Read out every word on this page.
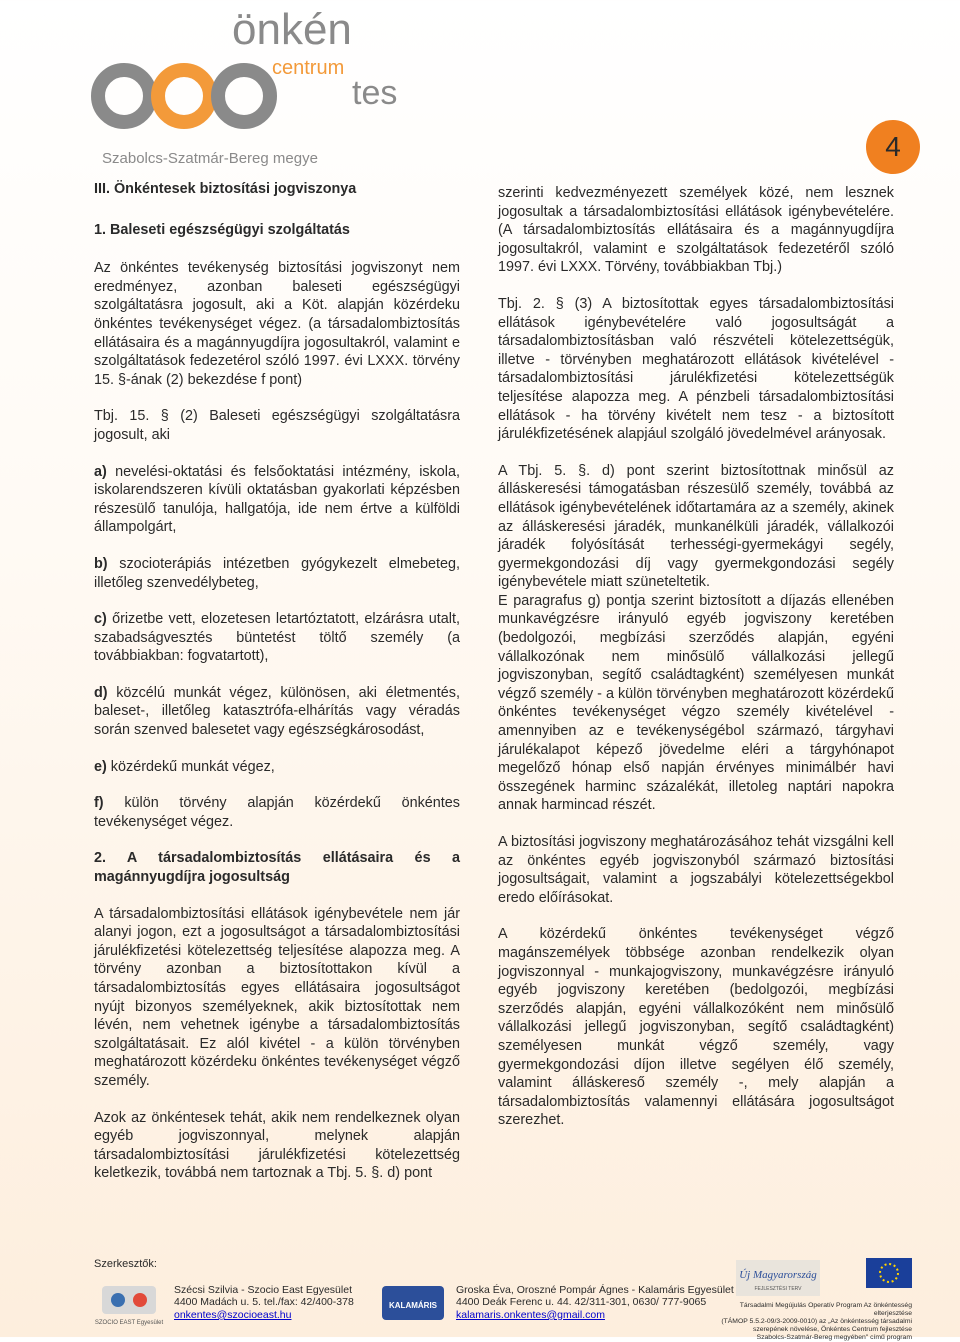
önkén
centrum
tes
Szabolcs-Szatmár-Bereg megye	4

III. Önkéntesek biztosítási jogviszonya

1. Baleseti egészségügyi szolgáltatás

Az önkéntes tevékenység biztosítási jogviszonyt nem eredményez, azonban baleseti egészségügyi szolgáltatásra jogosult, aki a Köt. alapján közérdeku önkéntes tevékenységet végez. (a társadalombiztosítás ellátásaira és a magánnyugdíjra jogosultakról, valamint e szolgáltatások fedezetérol szóló 1997. évi LXXX. törvény 15. §-ának (2) bekezdése f pont)

Tbj. 15. § (2) Baleseti egészségügyi szolgáltatásra jogosult, aki

a) nevelési-oktatási és felsőoktatási intézmény, iskola, iskolarendszeren kívüli oktatásban gyakorlati képzésben részesülő tanulója, hallgatója, ide nem értve a külföldi állampolgárt,

b) szocioterápiás intézetben gyógykezelt elmebeteg, illetőleg szenvedélybeteg,

c) őrizetbe vett, elozetesen letartóztatott, elzárásra utalt, szabadságvesztés büntetést töltő személy (a továbbiakban: fogvatartott),

d) közcélú munkát végez, különösen, aki életmentés, baleset-, illetőleg katasztrófa-elhárítás vagy véradás során szenved balesetet vagy egészségkárosodást,

e) közérdekű munkát végez,

f) külön törvény alapján közérdekű önkéntes tevékenységet végez.

2. A társadalombiztosítás ellátásaira és a magánnyugdíjra jogosultság

A társadalombiztosítási ellátások igénybevétele nem jár alanyi jogon, ezt a jogosultságot a társadalombiztosítási járulékfizetési kötelezettség teljesítése alapozza meg. A törvény azonban a biztosítottakon kívül a társadalombiztosítás egyes ellátásaira jogosultságot nyújt bizonyos személyeknek, akik biztosítottak nem lévén, nem vehetnek igénybe a társadalombiztosítás szolgáltatásait. Ez alól kivétel - a külön törvényben meghatározott közérdeku önkéntes tevékenységet végző személy.

Azok az önkéntesek tehát, akik nem rendelkeznek olyan egyéb jogviszonnyal, melynek alapján társadalombiztosítási járulékfizetési kötelezettség keletkezik, továbbá nem tartoznak a Tbj. 5. §. d) pont

szerinti kedvezményezett személyek közé, nem lesznek jogosultak a társadalombiztosítási ellátások igénybevételére. (A társadalombiztosítás ellátásaira és a magánnyugdíjra jogosultakról, valamint e szolgáltatások fedezetéről szóló 1997. évi LXXX. Törvény, továbbiakban Tbj.)

Tbj. 2. § (3) A biztosítottak egyes társadalombiztosítási ellátások igénybevételére való jogosultságát a társadalombiztosításban való részvételi kötelezettségük, illetve - törvényben meghatározott ellátások kivételével - társadalombiztosítási járulékfizetési kötelezettségük teljesítése alapozza meg. A pénzbeli társadalombiztosítási ellátások - ha törvény kivételt nem tesz - a biztosított járulékfizetésének alapjául szolgáló jövedelmével arányosak.

A Tbj. 5. §. d) pont szerint biztosítottnak minősül az álláskeresési támogatásban részesülő személy, továbbá az ellátások igénybevételének időtartamára az a személy, akinek az álláskeresési járadék, munkanélküli járadék, vállalkozói járadék folyósítását terhességi-gyermekágyi segély, gyermekgondozási díj vagy gyermekgondozási segély igénybevétele miatt szüneteltetik.

E paragrafus g) pontja szerint biztosított a díjazás ellenében munkavégzésre irányuló egyéb jogviszony keretében (bedolgozói, megbízási szerződés alapján, egyéni vállalkozónak nem minősülő vállalkozási jellegű jogviszonyban, segítő családtagként) személyesen munkát végző személy - a külön törvényben meghatározott közérdekű önkéntes tevékenységet végzo személy kivételével - amennyiben az e tevékenységébol származó, tárgyhavi járulékalapot képező jövedelme eléri a tárgyhónapot megelőző hónap első napján érvényes minimálbér havi összegének harminc százalékát, illetoleg naptári napokra annak harmincad részét.

A biztosítási jogviszony meghatározásához tehát vizsgálni kell az önkéntes egyéb jogviszonyból származó biztosítási jogosultságait, valamint a jogszabályi kötelezettségekbol eredo előírásokat.

A közérdekű önkéntes tevékenységet végző magánszemélyek többsége azonban rendelkezik olyan jogviszonnyal - munkajogviszony, munkavégzésre irányuló egyéb jogviszony keretében (bedolgozói, megbízási szerződés alapján, egyéni vállalkozóként nem minősülő vállalkozási jellegű jogviszonyban, segítő családtagként) személyesen munkát végző személy, vagy gyermekgondozási díjon illetve segélyen élő személy, valamint álláskereső személy -, mely alapján a társadalombiztosítás valamennyi ellátására jogosultságot szerezhet.

Szerkesztők:
SZOCIO EAST Egyesület
Szécsi Szilvia - Szocio East Egyesület
4400 Madách u. 5. tel./fax: 42/400-378
onkentes@szocioeast.hu
KALAMÁRIS
Groska Éva, Oroszné Pompár Ágnes - Kalamáris Egyesület
4400 Deák Ferenc u. 44. 42/311-301, 0630/ 777-9065
kalamaris.onkentes@gmail.com
Új Magyarország
FEJLESZTÉSI TERV
Társadalmi Megújulás Operatív Program Az önkéntesség elterjesztése
(TÁMOP 5.5.2-09/3-2009-0010) az „Az önkéntesség társadalmi
szerepének növelése, Önkéntes Centrum fejlesztése
Szabolcs-Szatmár-Bereg megyében" című program
